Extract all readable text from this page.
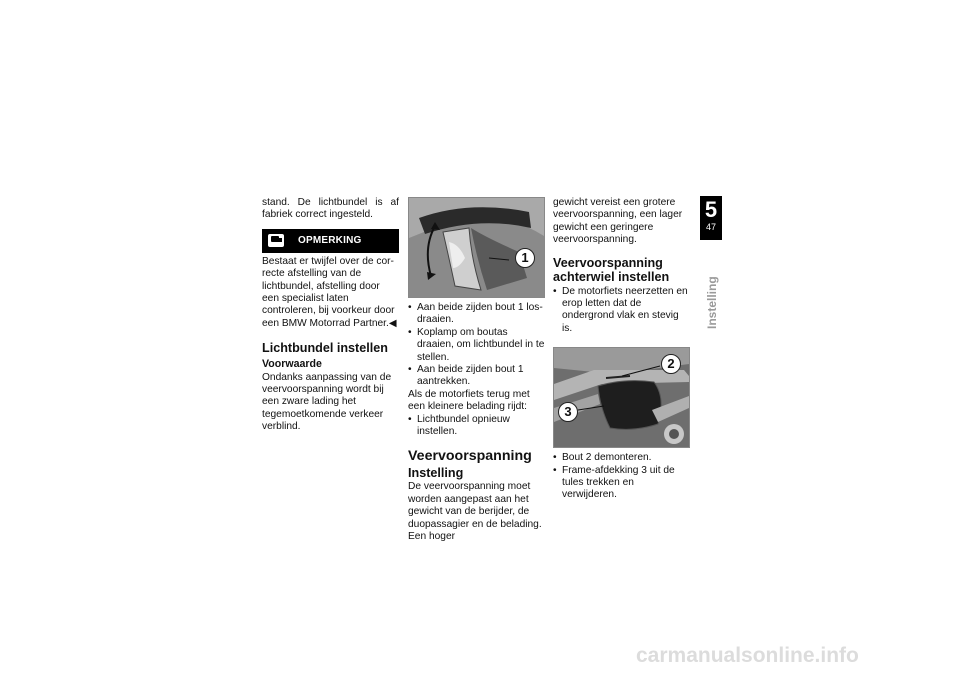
stand. De lichtbundel is af fabriek correct ingesteld.

OPMERKING

Bestaat er twijfel over de correcte afstelling van de lichtbundel, afstelling door een specialist laten controleren, bij voorkeur door een BMW Motorrad Partner.◀

Lichtbundel instellen

Voorwaarde

Ondanks aanpassing van de veervoorspanning wordt bij een zware lading het tegemoetkomende verkeer verblind.

1
• Aan beide zijden bout 1 losdraaien.
• Koplamp om boutas draaien, om lichtbundel in te stellen.
• Aan beide zijden bout 1 aantrekken.

Als de motorfiets terug met een kleinere belading rijdt:

• Lichtbundel opnieuw instellen.

Veervoorspanning

Instelling

De veervoorspanning moet worden aangepast aan het gewicht van de berijder, de duopassagier en de belading. Een hoger

gewicht vereist een grotere veervoorspanning, een lager gewicht een geringere veervoorspanning.

Veervoorspanning achterwiel instellen

• De motorfiets neerzetten en erop letten dat de ondergrond vlak en stevig is.
2
3
• Bout 2 demonteren.
• Frame-afdekking 3 uit de tules trekken en verwijderen.
5
47
Instelling
carmanualsonline.info
